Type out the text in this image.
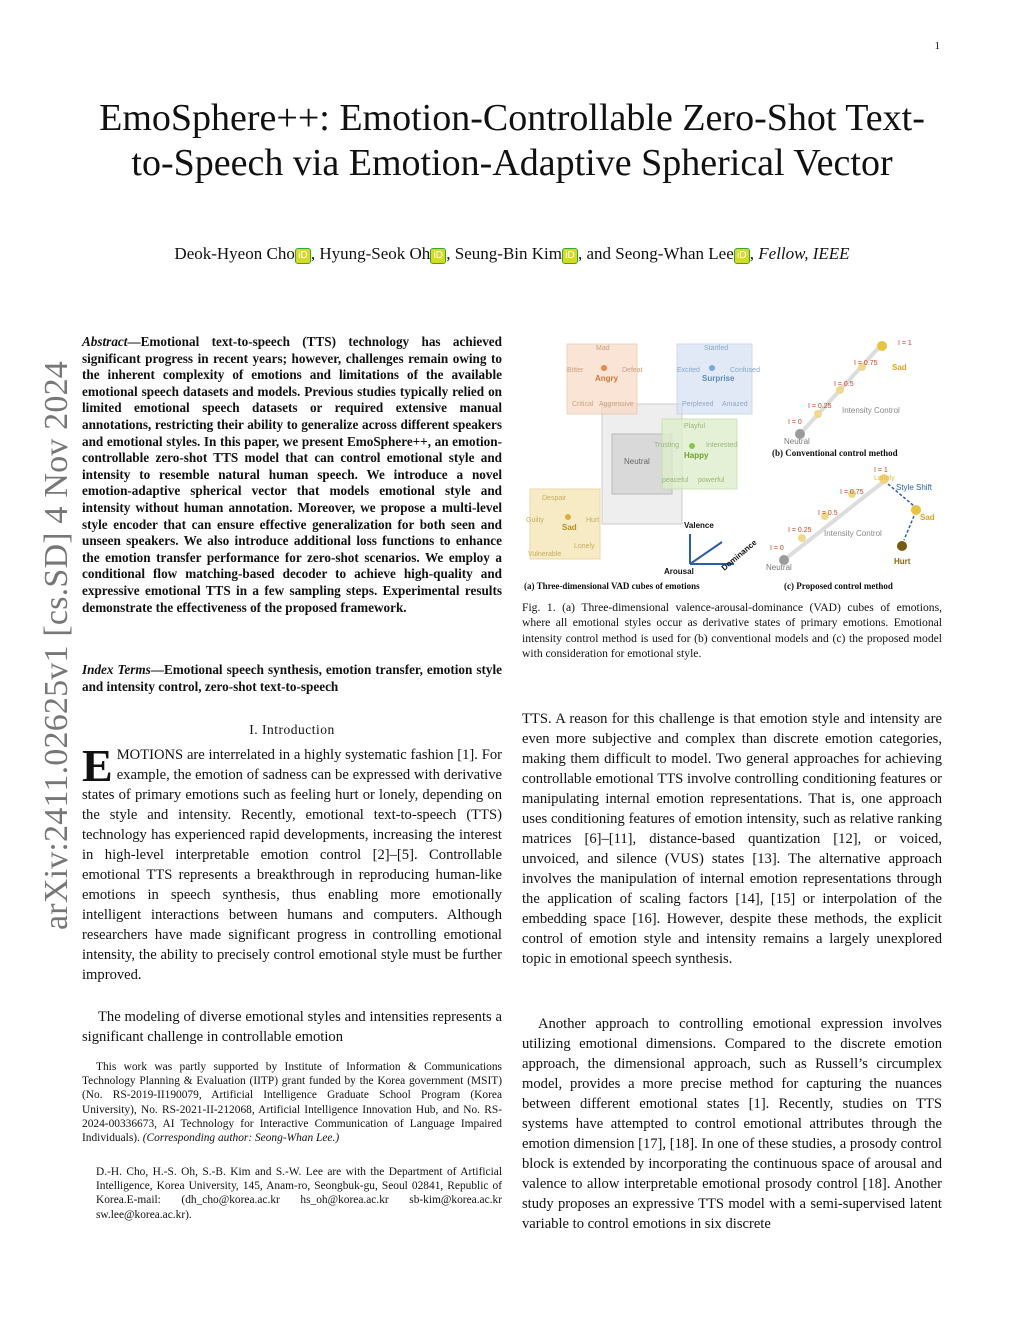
1
arXiv:2411.02625v1 [cs.SD] 4 Nov 2024
EmoSphere++: Emotion-Controllable Zero-Shot Text-to-Speech via Emotion-Adaptive Spherical Vector
Deok-Hyeon Cho iD , Hyung-Seok Oh iD , Seung-Bin Kim iD , and Seong-Whan Lee iD , Fellow, IEEE
Abstract—Emotional text-to-speech (TTS) technology has achieved significant progress in recent years; however, challenges remain owing to the inherent complexity of emotions and limitations of the available emotional speech datasets and models. Previous studies typically relied on limited emotional speech datasets or required extensive manual annotations, restricting their ability to generalize across different speakers and emotional styles. In this paper, we present EmoSphere++, an emotion-controllable zero-shot TTS model that can control emotional style and intensity to resemble natural human speech. We introduce a novel emotion-adaptive spherical vector that models emotional style and intensity without human annotation. Moreover, we propose a multi-level style encoder that can ensure effective generalization for both seen and unseen speakers. We also introduce additional loss functions to enhance the emotion transfer performance for zero-shot scenarios. We employ a conditional flow matching-based decoder to achieve high-quality and expressive emotional TTS in a few sampling steps. Experimental results demonstrate the effectiveness of the proposed framework.
Index Terms—Emotional speech synthesis, emotion transfer, emotion style and intensity control, zero-shot text-to-speech
I. Introduction
EMOTIONS are interrelated in a highly systematic fashion [1]. For example, the emotion of sadness can be expressed with derivative states of primary emotions such as feeling hurt or lonely, depending on the style and intensity. Recently, emotional text-to-speech (TTS) technology has experienced rapid developments, increasing the interest in high-level interpretable emotion control [2]–[5]. Controllable emotional TTS represents a breakthrough in reproducing human-like emotions in speech synthesis, thus enabling more emotionally intelligent interactions between humans and computers. Although researchers have made significant progress in controlling emotional intensity, the ability to precisely control emotional style must be further improved.
The modeling of diverse emotional styles and intensities represents a significant challenge in controllable emotion
This work was partly supported by Institute of Information & Communications Technology Planning & Evaluation (IITP) grant funded by the Korea government (MSIT) (No. RS-2019-II190079, Artificial Intelligence Graduate School Program (Korea University), No. RS-2021-II-212068, Artificial Intelligence Innovation Hub, and No. RS-2024-00336673, AI Technology for Interactive Communication of Language Impaired Individuals). (Corresponding author: Seong-Whan Lee.)
D.-H. Cho, H.-S. Oh, S.-B. Kim and S.-W. Lee are with the Department of Artificial Intelligence, Korea University, 145, Anam-ro, Seongbuk-gu, Seoul 02841, Republic of Korea.E-mail: (dh_cho@korea.ac.kr hs_oh@korea.ac.kr sb-kim@korea.ac.kr sw.lee@korea.ac.kr).
TTS. A reason for this challenge is that emotion style and intensity are even more subjective and complex than discrete emotion categories, making them difficult to model. Two general approaches for achieving controllable emotional TTS involve controlling conditioning features or manipulating internal emotion representations. That is, one approach uses conditioning features of emotion intensity, such as relative ranking matrices [6]–[11], distance-based quantization [12], or voiced, unvoiced, and silence (VUS) states [13]. The alternative approach involves the manipulation of internal emotion representations through the application of scaling factors [14], [15] or interpolation of the embedding space [16]. However, despite these methods, the explicit control of emotion style and intensity remains a largely unexplored topic in emotional speech synthesis.
Another approach to controlling emotional expression involves utilizing emotional dimensions. Compared to the discrete emotion approach, the dimensional approach, such as Russell’s circumplex model, provides a more precise method for capturing the nuances between different emotional states [1]. Recently, studies on TTS systems have attempted to control emotional attributes through the emotion dimension [17], [18]. In one of these studies, a prosody control block is extended by incorporating the continuous space of arousal and valence to allow interpretable emotional prosody control [18]. Another study proposes an expressive TTS model with a semi-supervised latent variable to control emotions in six discrete
Neutral
Mad
Bitter	Defeat
Angry
Critical Aggressive
Startled
Excited	Confused
Surprise
Perplexed Amazed
Playful
Trusting	Interested
Happy
peaceful powerful
Despair
Guilty	Hurt
Sad
Vulnerable
Lonely
Valence
Arousal	Dominance
(a) Three-dimensional VAD cubes of emotions
I = 1
I = 0.75
I = 0.5
I = 0.25
I = 0
Sad
Neutral
Intensity Control
(b) Conventional control method
I = 1
I = 0.75
I = 0.5
I = 0.25
I = 0
Lonely
Sad
Hurt
Neutral
Intensity Control
Style Shift
(c) Proposed control method
Fig. 1. (a) Three-dimensional valence-arousal-dominance (VAD) cubes of emotions, where all emotional styles occur as derivative states of primary emotions. Emotional intensity control method is used for (b) conventional models and (c) the proposed model with consideration for emotional style.
